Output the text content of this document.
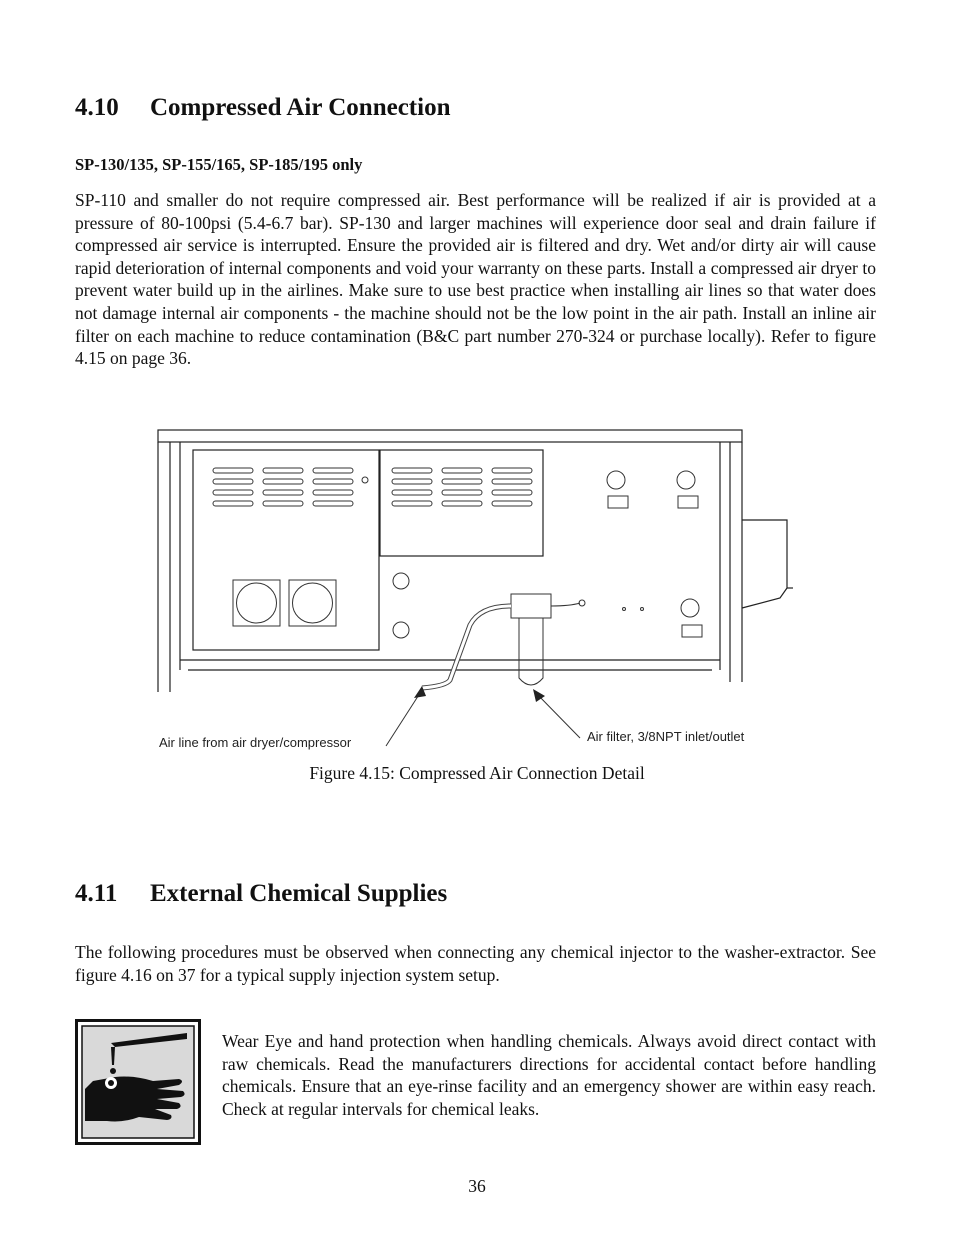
4.10 Compressed Air Connection

SP-130/135, SP-155/165, SP-185/195 only

SP-110 and smaller do not require compressed air. Best performance will be realized if air is provided at a pressure of 80-100psi (5.4-6.7 bar). SP-130 and larger machines will experience door seal and drain failure if compressed air service is interrupted. Ensure the provided air is filtered and dry. Wet and/or dirty air will cause rapid deterioration of internal components and void your warranty on these parts. Install a compressed air dryer to prevent water build up in the airlines. Make sure to use best practice when installing air lines so that water does not damage internal air components - the machine should not be the low point in the air path. Install an inline air filter on each machine to reduce contamination (B&C part number 270-324 or purchase locally). Refer to figure 4.15 on page 36.

Air line from air dryer/compressor	Air filter, 3/8NPT inlet/outlet

Figure 4.15: Compressed Air Connection Detail

4.11 External Chemical Supplies

The following procedures must be observed when connecting any chemical injector to the washer-extractor. See figure 4.16 on 37 for a typical supply injection system setup.

Wear Eye and hand protection when handling chemicals. Always avoid direct contact with raw chemicals. Read the manufacturers directions for accidental contact before handling chemicals. Ensure that an eye-rinse facility and an emergency shower are within easy reach. Check at regular intervals for chemical leaks.

36
